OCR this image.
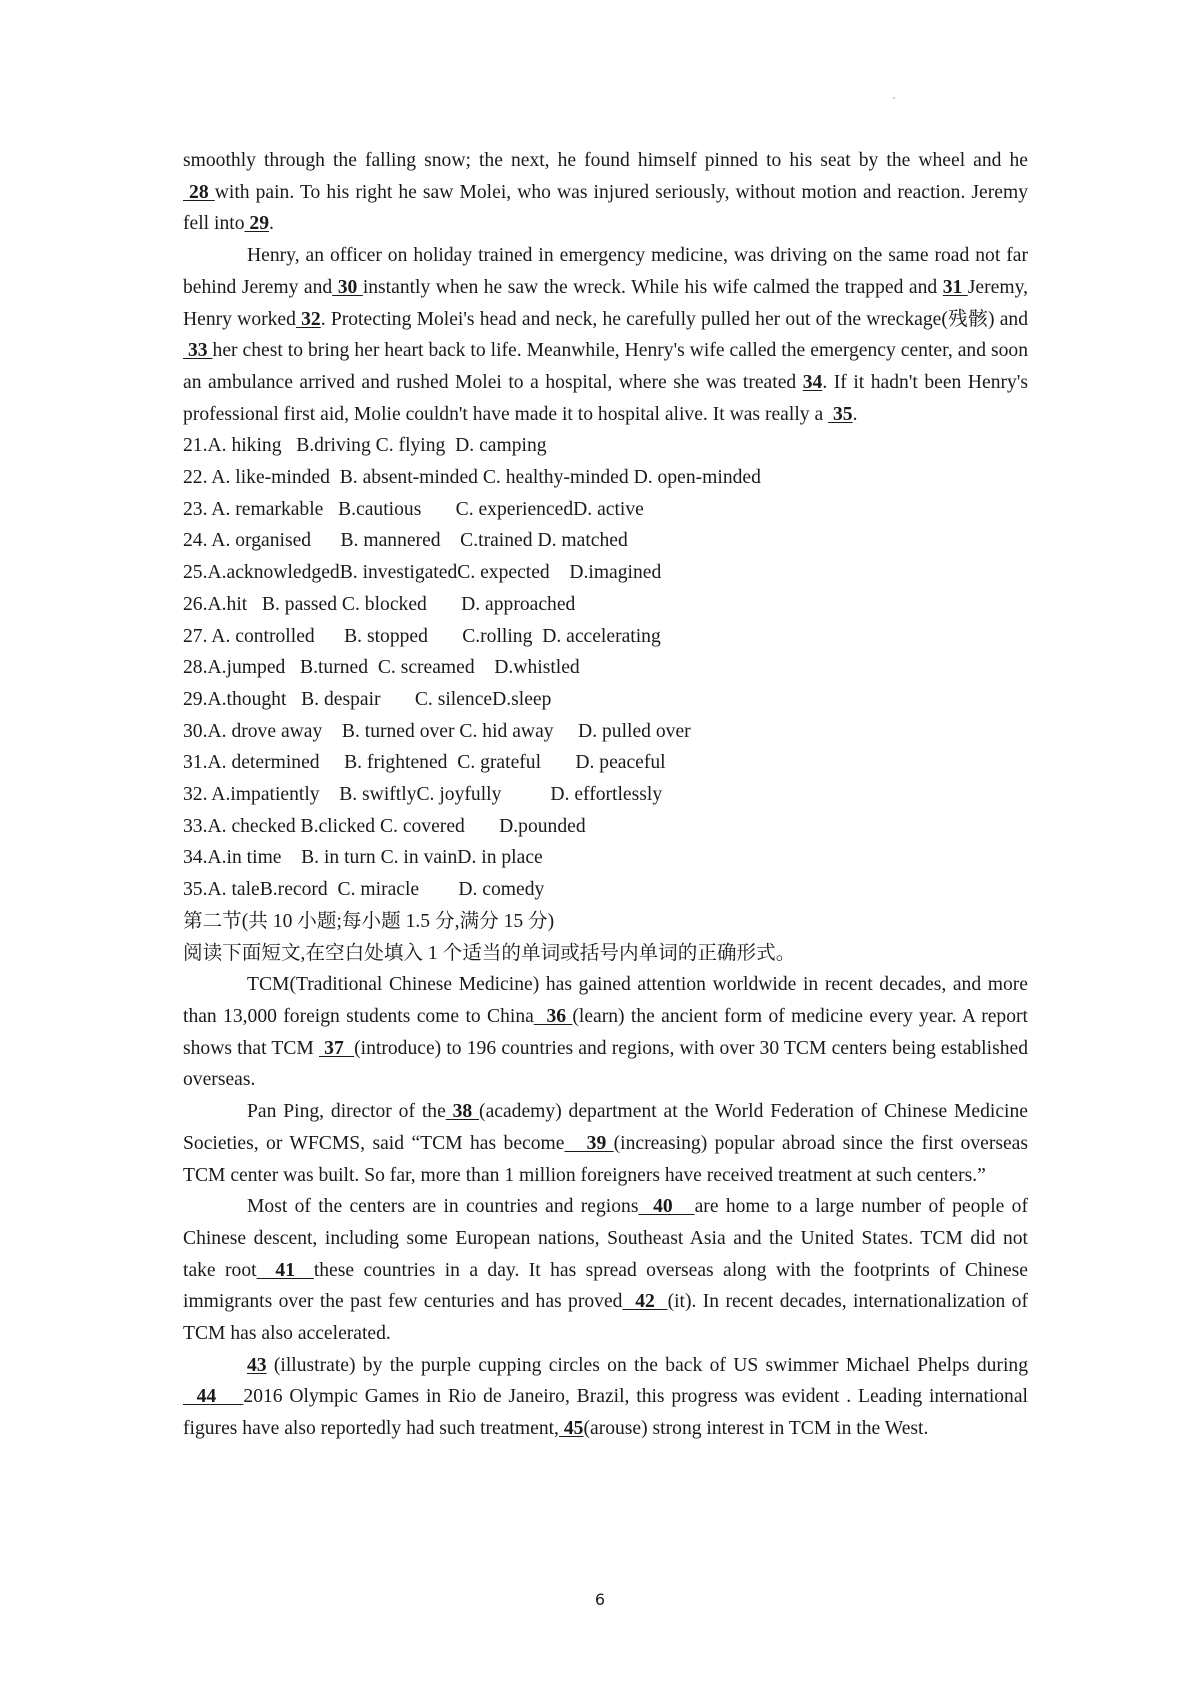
smoothly through the falling snow; the next, he found himself pinned to his seat by the wheel and he 28 with pain. To his right he saw Molei, who was injured seriously, without motion and reaction. Jeremy fell into 29.

Henry, an officer on holiday trained in emergency medicine, was driving on the same road not far behind Jeremy and 30 instantly when he saw the wreck. While his wife calmed the trapped and 31 Jeremy, Henry worked 32. Protecting Molei's head and neck, he carefully pulled her out of the wreckage(残骸) and  33 her chest to bring her heart back to life. Meanwhile, Henry's wife called the emergency center, and soon an ambulance arrived and rushed Molei to a hospital, where she was treated 34. If it hadn't been Henry's professional first aid, Molie couldn't have made it to hospital alive. It was really a  35.

21.A. hiking   B.driving C. flying  D. camping

22. A. like-minded  B. absent-minded C. healthy-minded D. open-minded

23. A. remarkable   B.cautious       C. experiencedD. active

24. A. organised      B. mannered    C.trained D. matched

25.A.acknowledgedB. investigatedC. expected    D.imagined

26.A.hit   B. passed C. blocked       D. approached

27. A. controlled      B. stopped       C.rolling  D. accelerating

28.A.jumped   B.turned  C. screamed    D.whistled

29.A.thought   B. despair       C. silenceD.sleep

30.A. drove away    B. turned over C. hid away     D. pulled over

31.A. determined     B. frightened  C. grateful       D. peaceful

32. A.impatiently    B. swiftlyC. joyfully          D. effortlessly

33.A. checked B.clicked C. covered       D.pounded

34.A.in time    B. in turn C. in vainD. in place

35.A. taleB.record  C. miracle        D. comedy

第二节(共 10 小题;每小题 1.5 分,满分 15 分)

阅读下面短文,在空白处填入 1 个适当的单词或括号内单词的正确形式。

TCM(Traditional Chinese Medicine) has gained attention worldwide in recent decades, and more than 13,000 foreign students come to China  36 (learn) the ancient form of medicine every year. A report shows that TCM  37  (introduce) to 196 countries and regions, with over 30 TCM centers being established overseas.

Pan Ping, director of the 38 (academy) department at the World Federation of Chinese Medicine Societies, or WFCMS, said “TCM has become   39 (increasing) popular abroad since the first overseas TCM center was built. So far, more than 1 million foreigners have received treatment at such centers.”

Most of the centers are in countries and regions  40   are home to a large number of people of Chinese descent, including some European nations, Southeast Asia and the United States. TCM did not take root  41  these countries in a day. It has spread overseas along with the footprints of Chinese immigrants over the past few centuries and has proved  42  (it). In recent decades, internationalization of TCM has also accelerated.

43 (illustrate) by the purple cupping circles on the back of US swimmer Michael Phelps during  44    2016 Olympic Games in Rio de Janeiro, Brazil, this progress was evident . Leading international figures have also reportedly had such treatment, 45(arouse) strong interest in TCM in the West.

6
